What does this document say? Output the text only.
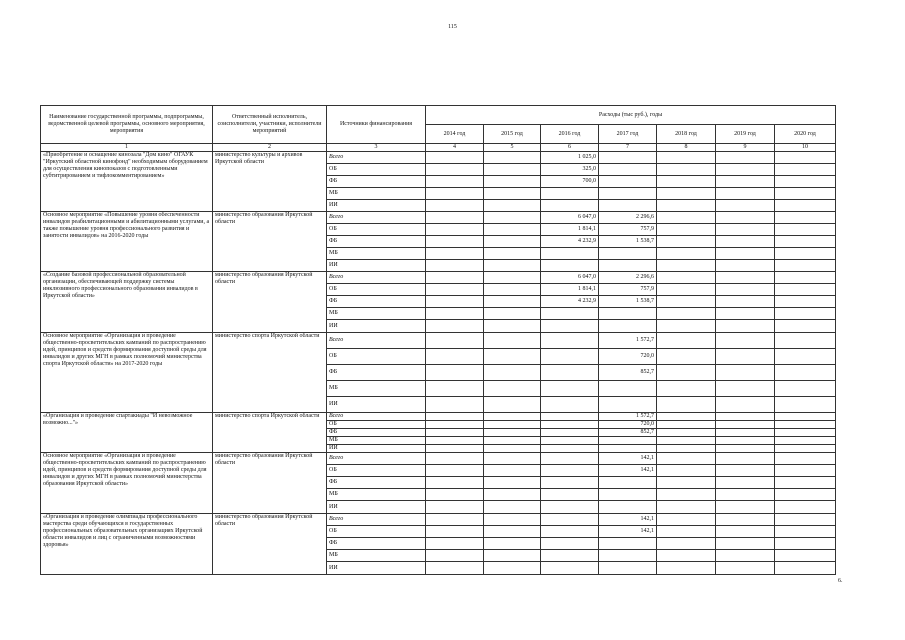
115
Наименование государственной программы, подпрограммы, ведомственной целевой программы, основного мероприятия, мероприятия	Ответственный исполнитель, соисполнители, участники, исполнители мероприятий	Источники финансирования	Расходы (тыс руб.), годы						
			2014 год	2015 год	2016 год	2017 год	2018 год	2019 год	2020 год
1	2	3	4	5	6	7	8	9	10
«Приобретение и оснащение кинозала "Дом кино" ОГАУК "Иркутский областной кинофонд" необходимым оборудованием для осуществления кинопоказов с подготовленными субтитрированием и тифлокомментированием»	министерство культуры и архивов Иркутской области	Всего			1 025,0				
		ОБ			325,0				
		ФБ			700,0				
		МБ							
		ИИ							
Основное мероприятие «Повышение уровня обеспеченности инвалидов реабилитационными и абилитационными услугами, а также повышение уровня профессионального развития и занятости инвалидов» на 2016-2020 годы	министерство образования Иркутской области	Всего			6 047,0	2 296,6			
		ОБ			1 814,1	757,9			
		ФБ			4 232,9	1 538,7			
		МБ							
		ИИ							
«Создание базовой профессиональной образовательной организации, обеспечивающей поддержку системы инклюзивного профессионального образования инвалидов в Иркутской области»	министерство образования Иркутской области	Всего			6 047,0	2 296,6			
		ОБ			1 814,1	757,9			
		ФБ			4 232,9	1 538,7			
		МБ							
		ИИ							
Основное мероприятие «Организация и проведение общественно-просветительских кампаний по распространению идей, принципов и средств формирования доступной среды для инвалидов и других МГН в рамках полномочий министерства спорта Иркутской области» на 2017-2020 годы	министерство спорта Иркутской области	Всего				1 572,7			
		ОБ				720,0			
		ФБ				852,7			
		МБ							
		ИИ							
«Организация и проведение спартакиады "И невозможное возможно..."»	министерство спорта Иркутской области	Всего				1 572,7			
		ОБ				720,0			
		ФБ				852,7			
		МБ							
		ИИ							
Основное мероприятие «Организация и проведение общественно-просветительских кампаний по распространению идей, принципов и средств формирования доступной среды для инвалидов и других МГН в рамках полномочий министерства образования Иркутской области»	министерство образования Иркутской области	Всего				142,1			
		ОБ				142,1			
		ФБ							
		МБ							
		ИИ							
«Организация и проведение олимпиады профессионального мастерства среди обучающихся в государственных профессиональных образовательных организациях Иркутской области инвалидов и лиц с ограниченными возможностями здоровья»	министерство образования Иркутской области	Всего				142,1			
		ОБ				142,1			
		ФБ							
		МБ							
		ИИ							
6.
